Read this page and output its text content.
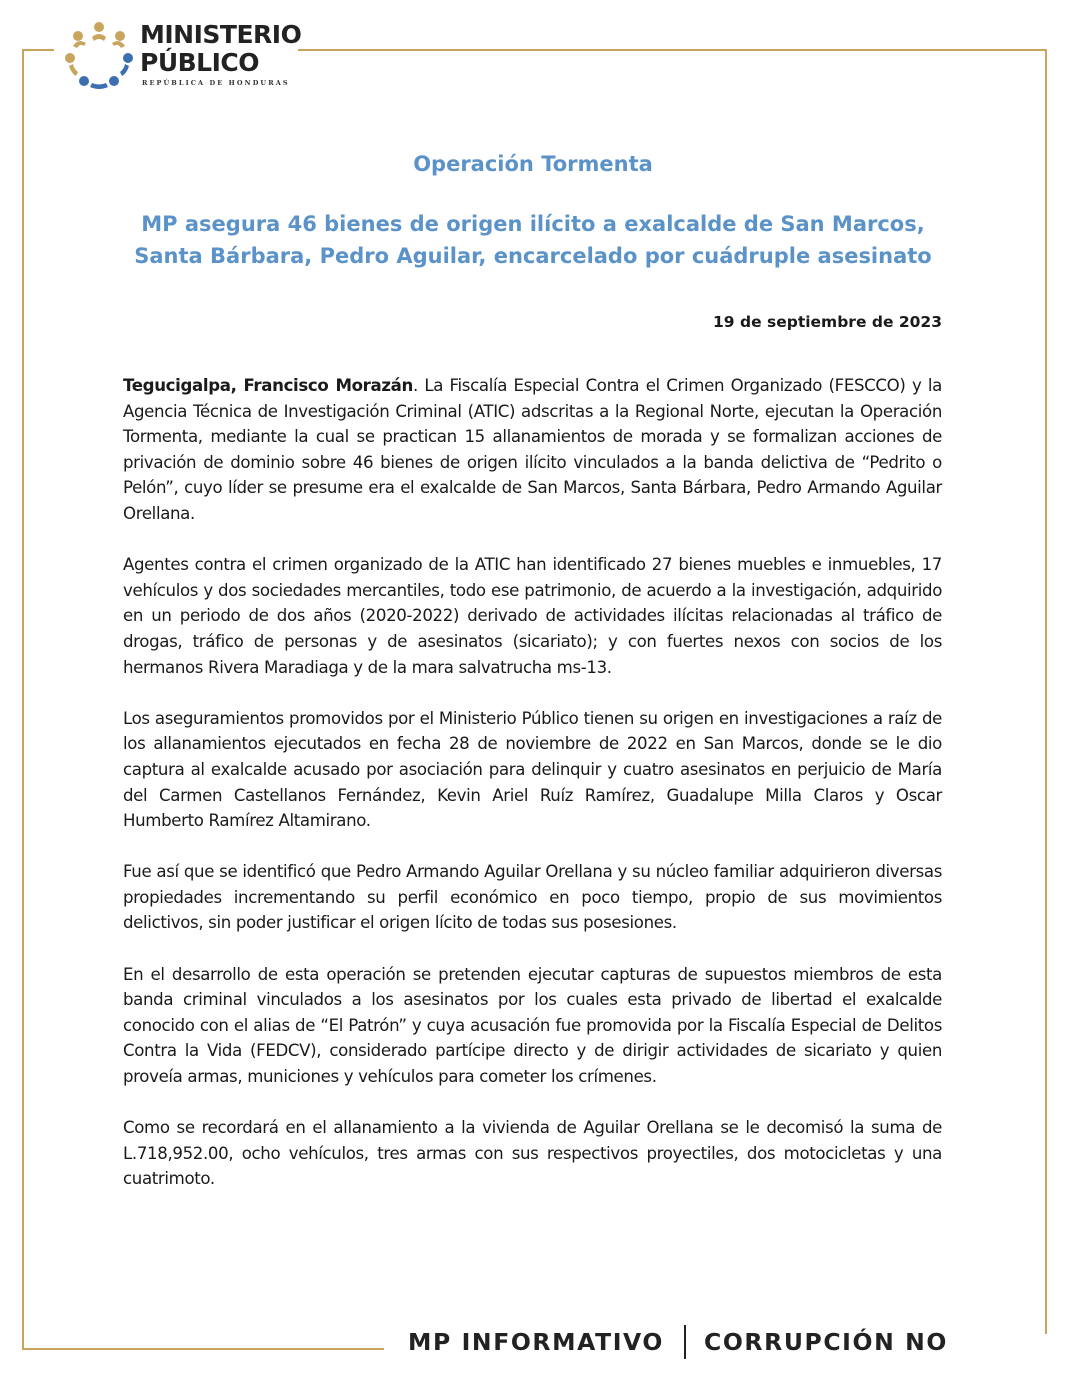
MINISTERIO
PÚBLICO
REPÚBLICA DE HONDURAS
Operación Tormenta
MP asegura 46 bienes de origen ilícito a exalcalde de San Marcos, Santa Bárbara, Pedro Aguilar, encarcelado por cuádruple asesinato
19 de septiembre de 2023

Tegucigalpa, Francisco Morazán. La Fiscalía Especial Contra el Crimen Organizado (FESCCO) y la Agencia Técnica de Investigación Criminal (ATIC) adscritas a la Regional Norte, ejecutan la Operación Tormenta, mediante la cual se practican 15 allanamientos de morada y se formalizan acciones de privación de dominio sobre 46 bienes de origen ilícito vinculados a la banda delictiva de “Pedrito o Pelón”, cuyo líder se presume era el exalcalde de San Marcos, Santa Bárbara, Pedro Armando Aguilar Orellana.

Agentes contra el crimen organizado de la ATIC han identificado 27 bienes muebles e inmuebles, 17 vehículos y dos sociedades mercantiles, todo ese patrimonio, de acuerdo a la investigación, adquirido en un periodo de dos años (2020-2022) derivado de actividades ilícitas relacionadas al tráfico de drogas, tráfico de personas y de asesinatos (sicariato); y con fuertes nexos con socios de los hermanos Rivera Maradiaga y de la mara salvatrucha ms-13.

Los aseguramientos promovidos por el Ministerio Público tienen su origen en investigaciones a raíz de los allanamientos ejecutados en fecha 28 de noviembre de 2022 en San Marcos, donde se le dio captura al exalcalde acusado por asociación para delinquir y cuatro asesinatos en perjuicio de María del Carmen Castellanos Fernández, Kevin Ariel Ruíz Ramírez, Guadalupe Milla Claros y Oscar Humberto Ramírez Altamirano.

Fue así que se identificó que Pedro Armando Aguilar Orellana y su núcleo familiar adquirieron diversas propiedades incrementando su perfil económico en poco tiempo, propio de sus movimientos delictivos, sin poder justificar el origen lícito de todas sus posesiones.

En el desarrollo de esta operación se pretenden ejecutar capturas de supuestos miembros de esta banda criminal vinculados a los asesinatos por los cuales esta privado de libertad el exalcalde conocido con el alias de “El Patrón” y cuya acusación fue promovida por la Fiscalía Especial de Delitos Contra la Vida (FEDCV), considerado partícipe directo y de dirigir actividades de sicariato y quien proveía armas, municiones y vehículos para cometer los crímenes.

Como se recordará en el allanamiento a la vivienda de Aguilar Orellana se le decomisó la suma de L.718,952.00, ocho vehículos, tres armas con sus respectivos proyectiles, dos motocicletas y una cuatrimoto.

MP INFORMATIVO CORRUPCIÓN NO
